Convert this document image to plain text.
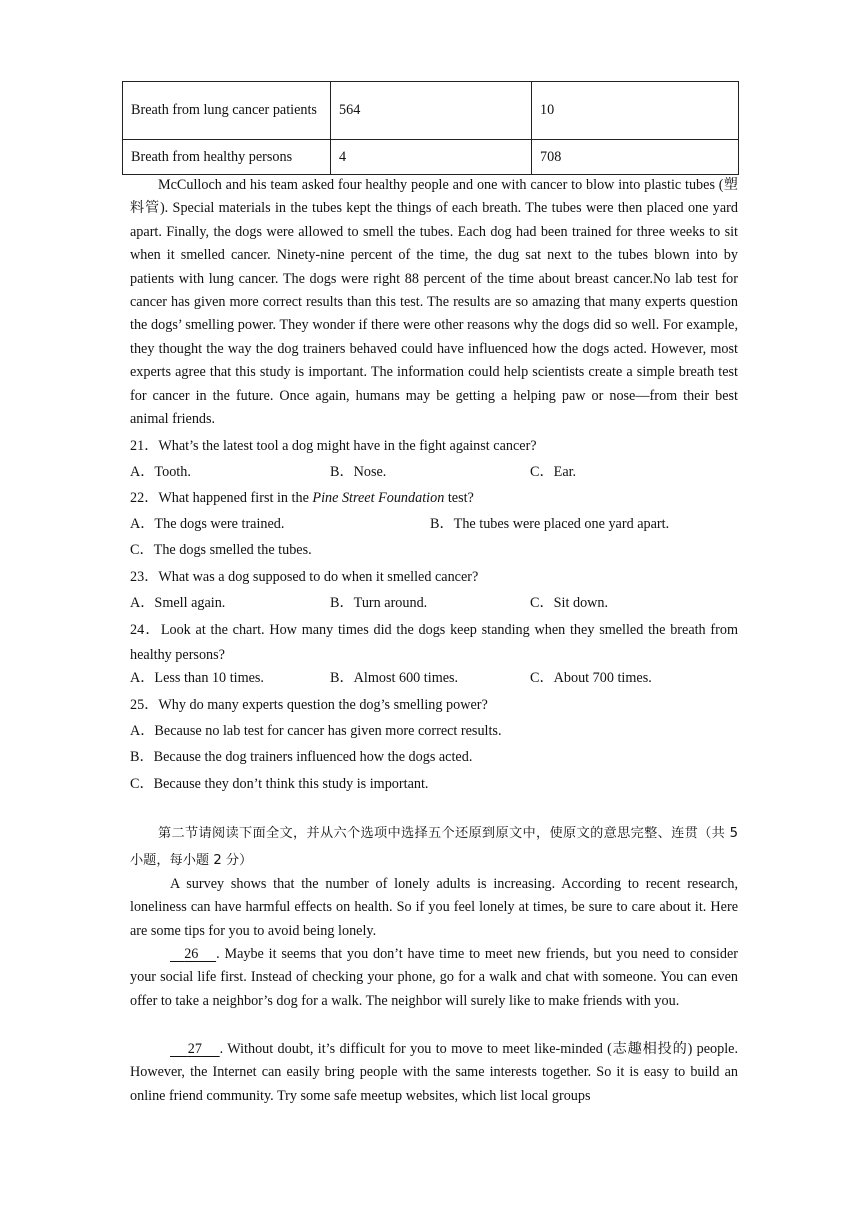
Breath from lung cancer patients	564	10
Breath from healthy persons	4	708

McCulloch and his team asked four healthy people and one with cancer to blow into plastic tubes (塑料管). Special materials in the tubes kept the things of each breath. The tubes were then placed one yard apart. Finally, the dogs were allowed to smell the tubes. Each dog had been trained for three weeks to sit when it smelled cancer. Ninety-nine percent of the time, the dug sat next to the tubes blown into by patients with lung cancer. The dogs were right 88 percent of the time about breast cancer.No lab test for cancer has given more correct results than this test. The results are so amazing that many experts question the dogs’ smelling power. They wonder if there were other reasons why the dogs did so well. For example, they thought the way the dog trainers behaved could have influenced how the dogs acted. However, most experts agree that this study is important. The information could help scientists create a simple breath test for cancer in the future. Once again, humans may be getting a helping paw or nose—from their best animal friends.

21．What’s the latest tool a dog might have in the fight against cancer?
A．Tooth.	B．Nose.	C．Ear.
22．What happened first in the Pine Street Foundation test?
A．The dogs were trained.	B．The tubes were placed one yard apart.
C．The dogs smelled the tubes.
23．What was a dog supposed to do when it smelled cancer?
A．Smell again.	B．Turn around.	C．Sit down.

24．Look at the chart. How many times did the dogs keep standing when they smelled the breath from healthy persons?

A．Less than 10 times.	B．Almost 600 times.	C．About 700 times.
25．Why do many experts question the dog’s smelling power?
A．Because no lab test for cancer has given more correct results.
B．Because the dog trainers influenced how the dogs acted.
C．Because they don’t think this study is important.

第二节请阅读下面全文，并从六个选项中选择五个还原到原文中，使原文的意思完整、连贯（共 5 小题，每小题 2 分）

A survey shows that the number of lonely adults is increasing. According to recent research, loneliness can have harmful effects on health. So if you feel lonely at times, be sure to care about it. Here are some tips for you to avoid being lonely.

26 . Maybe it seems that you don’t have time to meet new friends, but you need to consider your social life first. Instead of checking your phone, go for a walk and chat with someone. You can even offer to take a neighbor’s dog for a walk. The neighbor will surely like to make friends with you.

27 . Without doubt, it’s difficult for you to move to meet like-minded (志趣相投的) people. However, the Internet can easily bring people with the same interests together. So it is easy to build an online friend community. Try some safe meetup websites, which list local groups
